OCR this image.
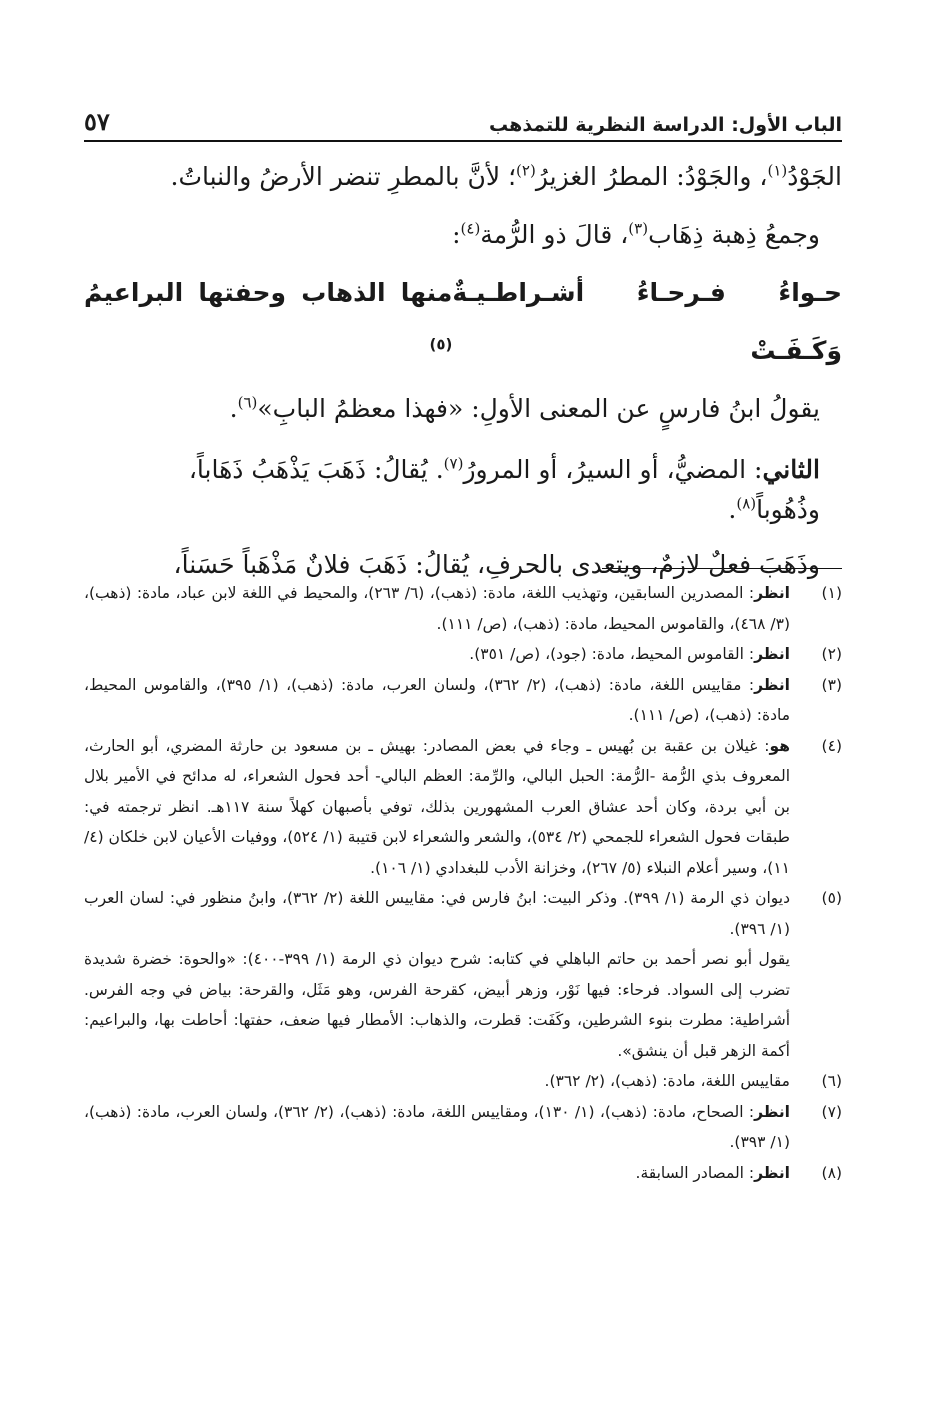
الباب الأول: الدراسة النظرية للتمذهب
٥٧

الجَوْدُ$^{(١)}$، والجَوْدُ: المطرُ الغزيرُ$^{(٢)}$؛ لأنَّ بالمطرِ تنضر الأرضُ والنباتُ.

وجمعُ ذِهبة ذِهَاب$^{(٣)}$، قالَ ذو الرُّمة$^{(٤)}$:

حـواءُ فـرحـاءُ أشـراطـيـةٌ وَكَـفَـتْ
منها الذهاب وحفتها البراعيمُ $^{(٥)}$

يقولُ ابنُ فارسٍ عن المعنى الأولِ: «فهذا معظمُ البابِ»$^{(٦)}$.

الثاني: المضيُّ، أو السيرُ، أو المرورُ$^{(٧)}$. يُقالُ: ذَهَبَ يَذْهَبُ ذَهَاباً،
وذُهُوباً$^{(٨)}$.

وذَهَبَ فعلٌ لازمٌ، ويتعدى بالحرفِ، يُقالُ: ذَهَبَ فلانٌ مَذْهَباً حَسَناً،

(١)
انظر: المصدرين السابقين، وتهذيب اللغة، مادة: (ذهب)، (٦/ ٢٦٣)، والمحيط في اللغة لابن عباد، مادة: (ذهب)، (٣/ ٤٦٨)، والقاموس المحيط، مادة: (ذهب)، (ص/ ١١١).
(٢)
انظر: القاموس المحيط، مادة: (جود)، (ص/ ٣٥١).
(٣)
انظر: مقاييس اللغة، مادة: (ذهب)، (٢/ ٣٦٢)، ولسان العرب، مادة: (ذهب)، (١/ ٣٩٥)، والقاموس المحيط، مادة: (ذهب)، (ص/ ١١١).
(٤)
هو: غيلان بن عقبة بن بُهيس ـ وجاء في بعض المصادر: بهيش ـ بن مسعود بن حارثة المضري، أبو الحارث، المعروف بذي الرُّمة -الرُّمة: الحبل البالي، والرِّمة: العظم البالي- أحد فحول الشعراء، له مدائح في الأمير بلال بن أبي بردة، وكان أحد عشاق العرب المشهورين بذلك، توفي بأصبهان كهلاً سنة ١١٧هـ. انظر ترجمته في: طبقات فحول الشعراء للجمحي (٢/ ٥٣٤)، والشعر والشعراء لابن قتيبة (١/ ٥٢٤)، ووفيات الأعيان لابن خلكان (٤/ ١١)، وسير أعلام النبلاء (٥/ ٢٦٧)، وخزانة الأدب للبغدادي (١/ ١٠٦).
(٥)
ديوان ذي الرمة (١/ ٣٩٩). وذكر البيت: ابنُ فارس في: مقاييس اللغة (٢/ ٣٦٢)، وابنُ منظور في: لسان العرب (١/ ٣٩٦).
يقول أبو نصر أحمد بن حاتم الباهلي في كتابه: شرح ديوان ذي الرمة (١/ ٣٩٩-٤٠٠): «والحوة: خضرة شديدة تضرب إلى السواد. فرحاء: فيها نَوْر، وزهر أبيض، كقرحة الفرس، وهو مَثَل، والقرحة: بياض في وجه الفرس. أشراطية: مطرت بنوء الشرطين، وكَفَت: قطرت، والذهاب: الأمطار فيها ضعف، حفتها: أحاطت بها، والبراعيم: أكمة الزهر قبل أن ينشق».
(٦)
مقاييس اللغة، مادة: (ذهب)، (٢/ ٣٦٢).
(٧)
انظر: الصحاح، مادة: (ذهب)، (١/ ١٣٠)، ومقاييس اللغة، مادة: (ذهب)، (٢/ ٣٦٢)، ولسان العرب، مادة: (ذهب)، (١/ ٣٩٣).
(٨)
انظر: المصادر السابقة.
